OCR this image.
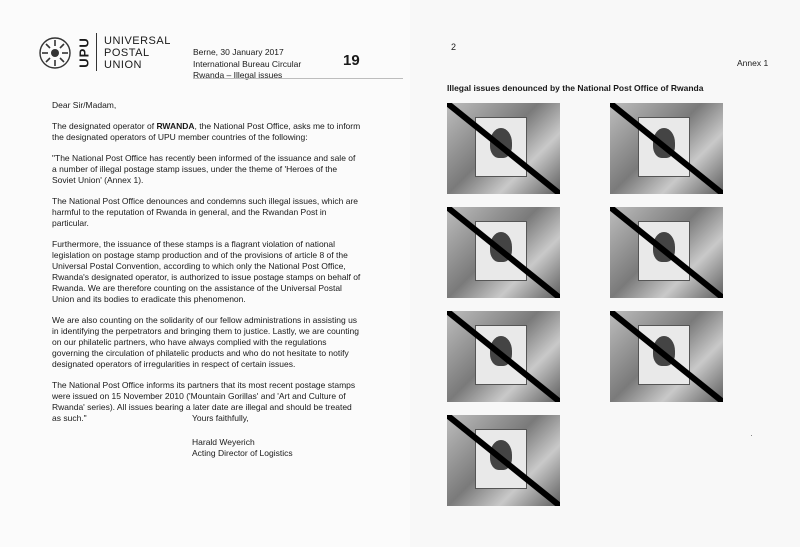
UPU UNIVERSAL
POSTAL
UNION
Berne, 30 January 2017
International Bureau Circular
Rwanda – Illegal issues
19

Dear Sir/Madam,

The designated operator of RWANDA, the National Post Office, asks me to inform the designated operators of UPU member countries of the following:

"The National Post Office has recently been informed of the issuance and sale of a number of illegal postage stamp issues, under the theme of 'Heroes of the Soviet Union' (Annex 1).

The National Post Office denounces and condemns such illegal issues, which are harmful to the reputation of Rwanda in general, and the Rwandan Post in particular.

Furthermore, the issuance of these stamps is a flagrant violation of national legislation on postage stamp production and of the provisions of article 8 of the Universal Postal Convention, according to which only the National Post Office, Rwanda's designated operator, is authorized to issue postage stamps on behalf of Rwanda. We are therefore counting on the assistance of the Universal Postal Union and its bodies to eradicate this phenomenon.

We are also counting on the solidarity of our fellow administrations in assisting us in identifying the perpetrators and bringing them to justice. Lastly, we are counting on our philatelic partners, who have always complied with the regulations governing the circulation of philatelic products and who do not hesitate to notify designated operators of irregularities in respect of certain issues.

The National Post Office informs its partners that its most recent postage stamps were issued on 15 November 2010 ('Mountain Gorillas' and 'Art and Culture of Rwanda' series). All issues bearing a later date are illegal and should be treated as such."	Yours faithfully,
Harald Weyerich
Acting Director of Logistics
2
Annex 1
Illegal issues denounced by the National Post Office of Rwanda
·
